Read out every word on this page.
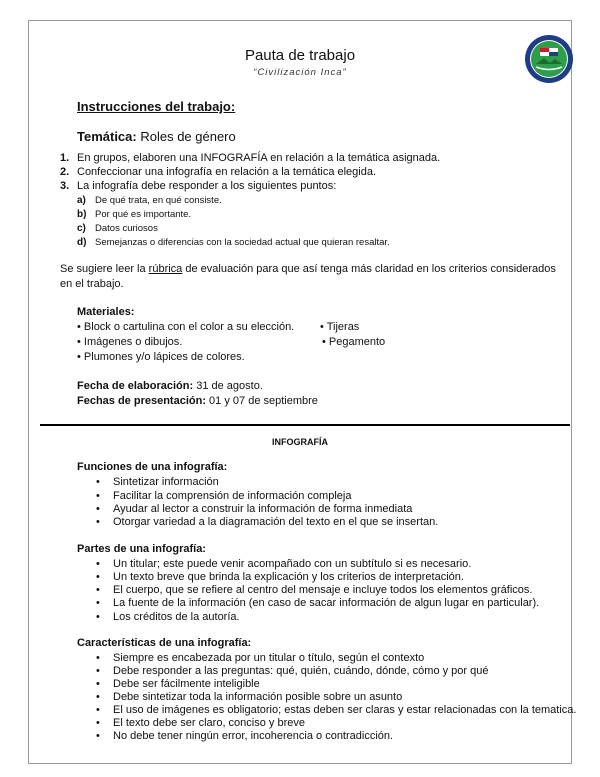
Pauta de trabajo
“Civilización Inca”
Instrucciones del trabajo:
Temática: Roles de género
1. En grupos, elaboren una INFOGRAFÍA en relación a la temática asignada.
2. Confeccionar una infografía en relación a la temática elegida.
3. La infografía debe responder a los siguientes puntos:
a) De qué trata, en qué consiste.
b) Por qué es importante.
c) Datos curiosos
d) Semejanzas o diferencias con la sociedad actual que quieran resaltar.
Se sugiere leer la rúbrica de evaluación para que así tenga más claridad en los criterios considerados en el trabajo.
Materiales:
• Block o cartulina con el color a su elección.
• Imágenes o dibujos.
• Plumones y/o lápices de colores.
• Tijeras
• Pegamento
Fecha de elaboración: 31 de agosto.
Fechas de presentación: 01 y 07 de septiembre
INFOGRAFÍA
Funciones de una infografía:
• Sintetizar información
• Facilitar la comprensión de información compleja
• Ayudar al lector a construir la información de forma inmediata
• Otorgar variedad a la diagramación del texto en el que se insertan.
Partes de una infografía:
• Un titular; este puede venir acompañado con un subtítulo si es necesario.
• Un texto breve que brinda la explicación y los criterios de interpretación.
• El cuerpo, que se refiere al centro del mensaje e incluye todos los elementos gráficos.
• La fuente de la información (en caso de sacar información de algun lugar en particular).
• Los créditos de la autoría.
Características de una infografía:
• Siempre es encabezada por un titular o título, según el contexto
• Debe responder a las preguntas: qué, quién, cuándo, dónde, cómo y por qué
• Debe ser fácilmente inteligible
• Debe sintetizar toda la información posible sobre un asunto
• El uso de imágenes es obligatorio; estas deben ser claras y estar relacionadas con la tematica.
• El texto debe ser claro, conciso y breve
• No debe tener ningún error, incoherencia o contradicción.
